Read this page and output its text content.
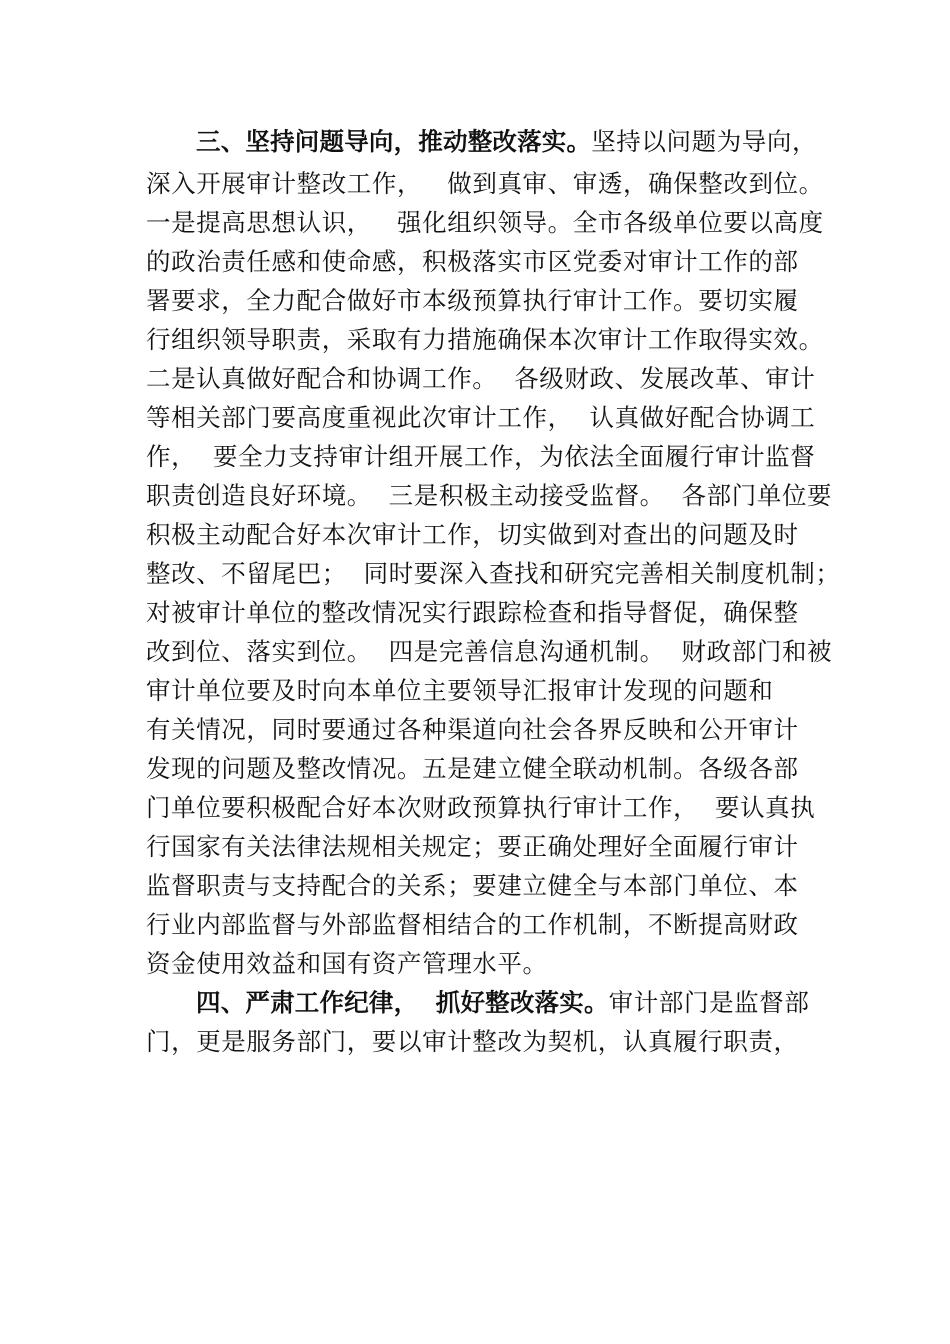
三、坚持问题导向，推动整改落实。坚持以问题为导向，
深入开展审计整改工作，   做到真审、审透，确保整改到位。
一是提高思想认识，   强化组织领导。全市各级单位要以高度
的政治责任感和使命感，积极落实市区党委对审计工作的部
署要求，全力配合做好市本级预算执行审计工作。要切实履
行组织领导职责，采取有力措施确保本次审计工作取得实效。
二是认真做好配合和协调工作。  各级财政、发展改革、审计
等相关部门要高度重视此次审计工作，  认真做好配合协调工
作，  要全力支持审计组开展工作，为依法全面履行审计监督
职责创造良好环境。  三是积极主动接受监督。  各部门单位要
积极主动配合好本次审计工作，切实做到对查出的问题及时
整改、不留尾巴；  同时要深入查找和研究完善相关制度机制；
对被审计单位的整改情况实行跟踪检查和指导督促，确保整
改到位、落实到位。  四是完善信息沟通机制。  财政部门和被
审计单位要及时向本单位主要领导汇报审计发现的问题和
有关情况，同时要通过各种渠道向社会各界反映和公开审计
发现的问题及整改情况。五是建立健全联动机制。各级各部
门单位要积极配合好本次财政预算执行审计工作，  要认真执
行国家有关法律法规相关规定；要正确处理好全面履行审计
监督职责与支持配合的关系；要建立健全与本部门单位、本
行业内部监督与外部监督相结合的工作机制，不断提高财政
资金使用效益和国有资产管理水平。
四、严肃工作纪律，  抓好整改落实。审计部门是监督部
门，更是服务部门，要以审计整改为契机，认真履行职责，
